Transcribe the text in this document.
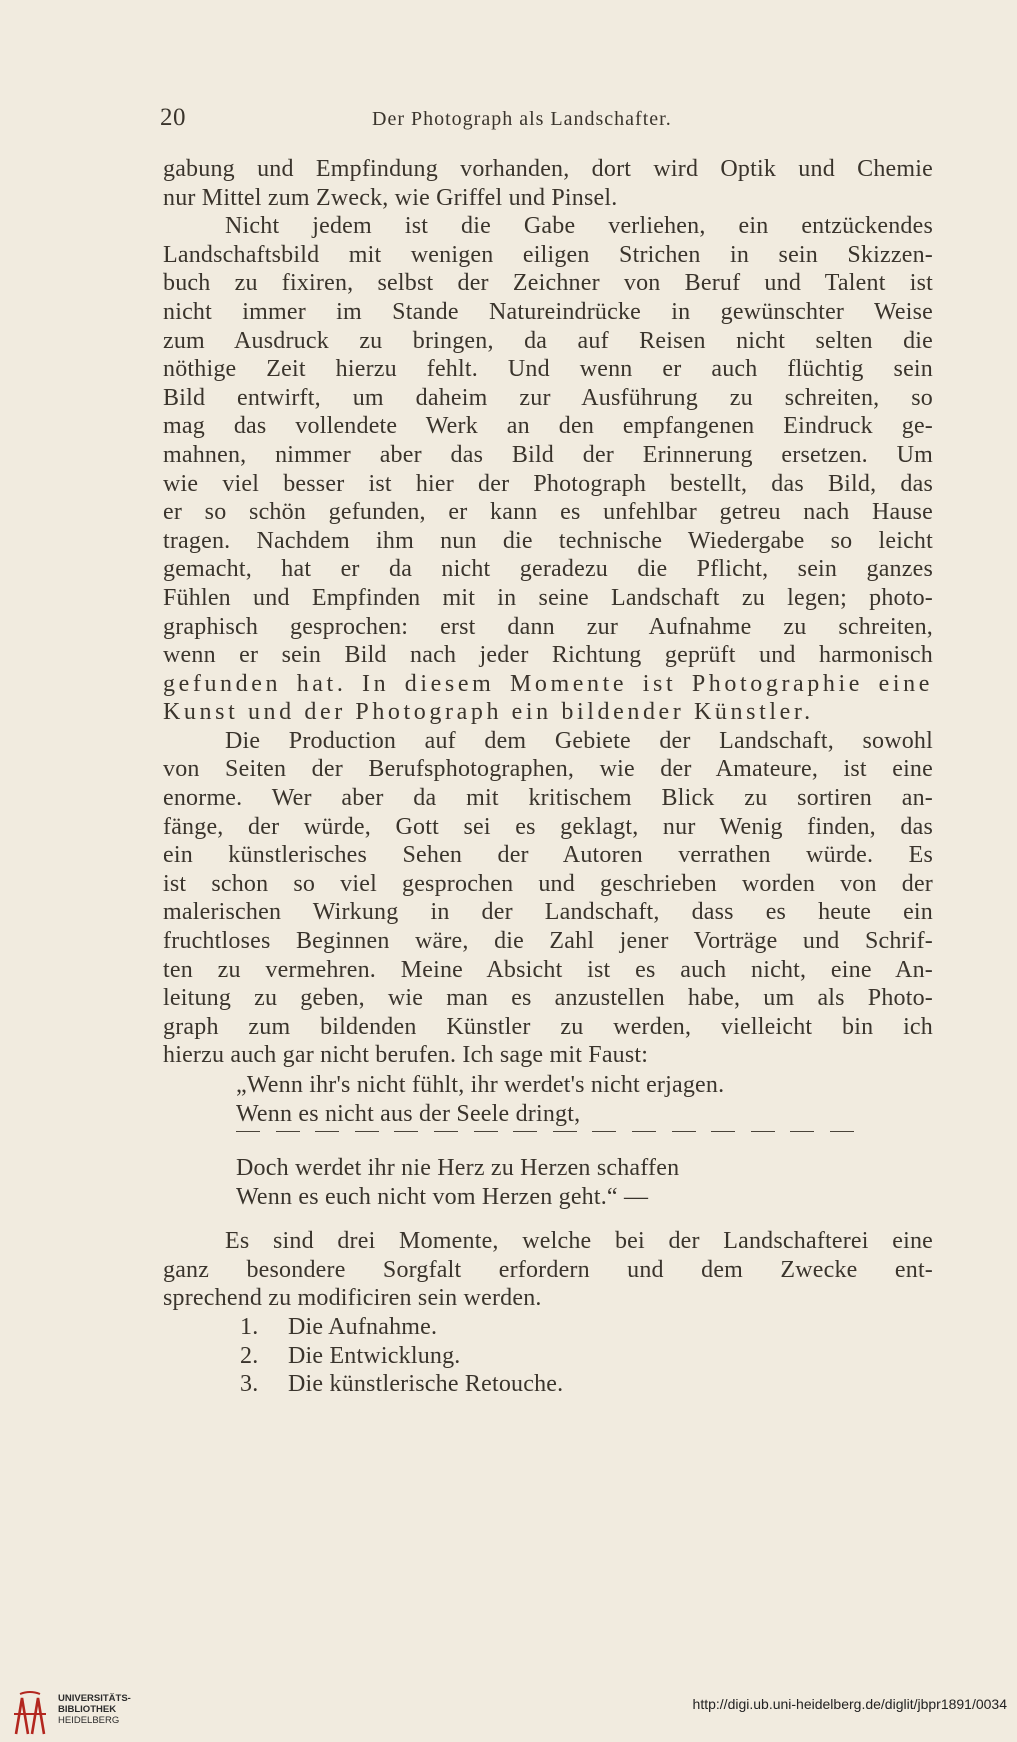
20	Der Photograph als Landschafter.
gabung und Empfindung vorhanden, dort wird Optik und Chemie
nur Mittel zum Zweck, wie Griffel und Pinsel.
Nicht jedem ist die Gabe verliehen, ein entzückendes
Landschaftsbild mit wenigen eiligen Strichen in sein Skizzen-
buch zu fixiren, selbst der Zeichner von Beruf und Talent ist
nicht immer im Stande Natureindrücke in gewünschter Weise
zum Ausdruck zu bringen, da auf Reisen nicht selten die
nöthige Zeit hierzu fehlt. Und wenn er auch flüchtig sein
Bild entwirft, um daheim zur Ausführung zu schreiten, so
mag das vollendete Werk an den empfangenen Eindruck ge-
mahnen, nimmer aber das Bild der Erinnerung ersetzen. Um
wie viel besser ist hier der Photograph bestellt, das Bild, das
er so schön gefunden, er kann es unfehlbar getreu nach Hause
tragen. Nachdem ihm nun die technische Wiedergabe so leicht
gemacht, hat er da nicht geradezu die Pflicht, sein ganzes
Fühlen und Empfinden mit in seine Landschaft zu legen; photo-
graphisch gesprochen: erst dann zur Aufnahme zu schreiten,
wenn er sein Bild nach jeder Richtung geprüft und harmonisch
gefunden hat. In diesem Momente ist Photographie eine
Kunst und der Photograph ein bildender Künstler.
Die Production auf dem Gebiete der Landschaft, sowohl
von Seiten der Berufsphotographen, wie der Amateure, ist eine
enorme. Wer aber da mit kritischem Blick zu sortiren an-
fänge, der würde, Gott sei es geklagt, nur Wenig finden, das
ein künstlerisches Sehen der Autoren verrathen würde. Es
ist schon so viel gesprochen und geschrieben worden von der
malerischen Wirkung in der Landschaft, dass es heute ein
fruchtloses Beginnen wäre, die Zahl jener Vorträge und Schrif-
ten zu vermehren. Meine Absicht ist es auch nicht, eine An-
leitung zu geben, wie man es anzustellen habe, um als Photo-
graph zum bildenden Künstler zu werden, vielleicht bin ich
hierzu auch gar nicht berufen. Ich sage mit Faust:
„Wenn ihr's nicht fühlt, ihr werdet's nicht erjagen.
Wenn es nicht aus der Seele dringt,
Doch werdet ihr nie Herz zu Herzen schaffen
Wenn es euch nicht vom Herzen geht.“ —
Es sind drei Momente, welche bei der Landschafterei eine
ganz besondere Sorgfalt erfordern und dem Zwecke ent-
sprechend zu modificiren sein werden.
1. Die Aufnahme.
2. Die Entwicklung.
3. Die künstlerische Retouche.
UNIVERSITÄTS-
BIBLIOTHEK
HEIDELBERG
http://digi.ub.uni-heidelberg.de/diglit/jbpr1891/0034
